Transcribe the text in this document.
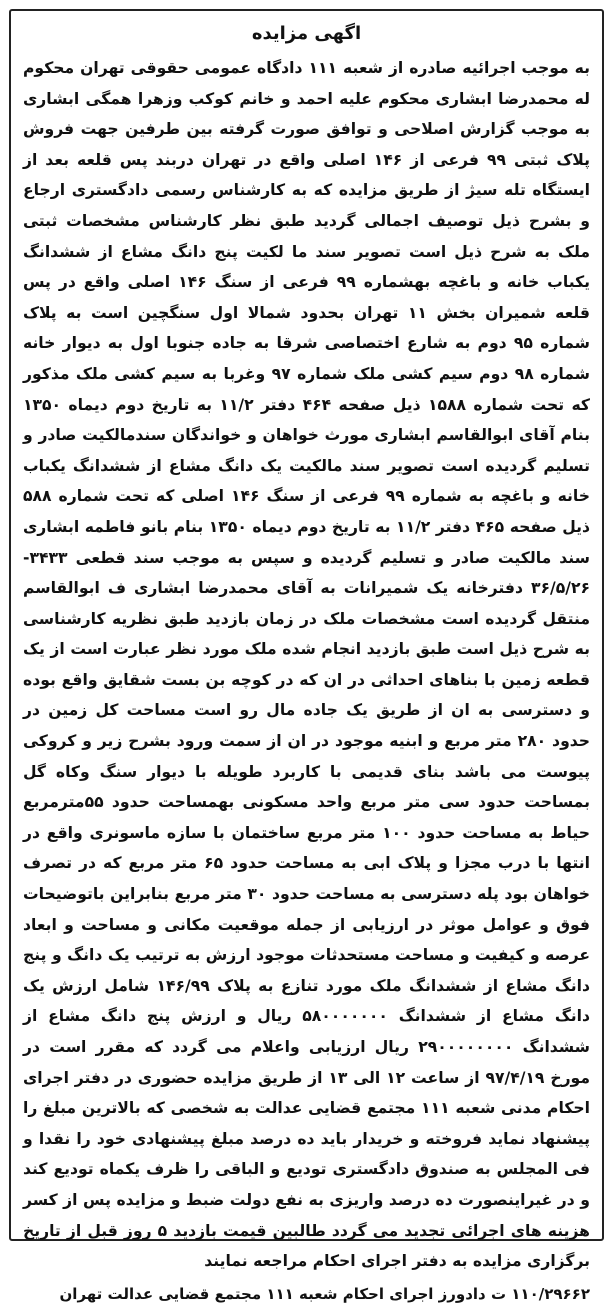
اگهی مزایده

به موجب اجرائیه صادره از شعبه ۱۱۱ دادگاه عمومی حقوقی تهران محکوم له محمدرضا ابشاری محکوم علیه احمد و خانم کوکب وزهرا همگی ابشاری به موجب گزارش اصلاحی و توافق صورت گرفته بین طرفین جهت فروش پلاک ثبتی ۹۹ فرعی از ۱۴۶ اصلی واقع در تهران دربند پس قلعه بعد از ایستگاه تله سیژ از طریق مزایده که به کارشناس رسمی دادگستری ارجاع و بشرح ذیل توصیف اجمالی گردید طبق نظر کارشناس مشخصات ثبتی ملک به شرح ذیل است تصویر سند ما لکیت پنج دانگ مشاع از ششدانگ یکباب خانه و باغچه بهشماره ۹۹ فرعی از سنگ ۱۴۶ اصلی واقع در پس قلعه شمیران بخش ۱۱ تهران بحدود شمالا اول سنگچین است به پلاک شماره ۹۵ دوم به شارع اختصاصی شرقا به جاده جنوبا اول به دیوار خانه شماره ۹۸ دوم سیم کشی ملک شماره ۹۷ وغربا به سیم کشی ملک مذکور که تحت شماره ۱۵۸۸ ذیل صفحه ۴۶۴ دفتر ۱۱/۲ به تاریخ دوم دیماه ۱۳۵۰ بنام آقای ابوالقاسم ابشاری مورث خواهان و خواندگان سندمالکیت صادر و تسلیم گردیده است تصویر سند مالکیت یک دانگ مشاع از ششدانگ یکباب خانه و باغچه به شماره ۹۹ فرعی از سنگ ۱۴۶ اصلی که تحت شماره ۵۸۸ ذیل صفحه ۴۶۵ دفتر ۱۱/۲ به تاریخ دوم دیماه ۱۳۵۰ بنام بانو فاطمه ابشاری سند مالکیت صادر و تسلیم گردیده و سپس به موجب سند قطعی ۳۴۳۳- ۳۶/۵/۲۶ دفترخانه یک شمیرانات به آقای محمدرضا ابشاری ف ابوالقاسم منتقل گردیده است مشخصات ملک در زمان بازدید طبق نظریه کارشناسی به شرح ذیل است طبق بازدید انجام شده ملک مورد نظر عبارت است از یک قطعه زمین با بناهای احداثی در ان که در کوچه بن بست شقایق واقع بوده و دسترسی به ان از طریق یک جاده مال رو است مساحت کل زمین در حدود ۲۸۰ متر مربع و ابنیه موجود در ان از سمت ورود بشرح زیر و کروکی پیوست می باشد بنای قدیمی با کاربرد طویله با دیوار سنگ وکاه گل بمساحت حدود سی متر مربع واحد مسکونی بهمساحت حدود ۵۵مترمربع حیاط به مساحت حدود ۱۰۰ متر مربع ساختمان با سازه ماسونری واقع در انتها با درب مجزا و پلاک ابی به مساحت حدود ۶۵ متر مربع که در تصرف خواهان بود پله دسترسی به مساحت حدود ۳۰ متر مربع بنابراین باتوضیحات فوق و عوامل موثر در ارزیابی از جمله موقعیت مکانی و مساحت و ابعاد عرصه و کیفیت و مساحت مستحدثات موجود ارزش به ترتیب یک دانگ و پنج دانگ مشاع از ششدانگ ملک مورد تنازع به پلاک ۱۴۶/۹۹ شامل ارزش یک دانگ مشاع از ششدانگ ۵۸۰۰۰۰۰۰۰ ریال و ارزش پنج دانگ مشاع از ششدانگ ۲۹۰۰۰۰۰۰۰۰ ریال ارزیابی واعلام می گردد که مقرر است در مورخ ۹۷/۴/۱۹ از ساعت ۱۲ الی ۱۳ از طریق مزایده حضوری در دفتر اجرای احکام مدنی شعبه ۱۱۱ مجتمع قضایی عدالت به شخصی که بالاترین مبلغ را پیشنهاد نماید فروخته و خریدار باید ده درصد مبلغ پیشنهادی خود را نقدا و فی المجلس به صندوق دادگستری تودیع و الباقی را ظرف یکماه تودیع کند و در غیراینصورت ده درصد واریزی به نفع دولت ضبط و مزایده پس از کسر هزینه های اجرائی تجدید می گردد طالبین قیمت بازدید ۵ روز قبل از تاریخ برگزاری مزایده به دفتر اجرای احکام مراجعه نمایند

۱۱۰/۲۹۶۶۲ ت دادورز اجرای احکام شعبه ۱۱۱ مجتمع قضایی عدالت تهران
